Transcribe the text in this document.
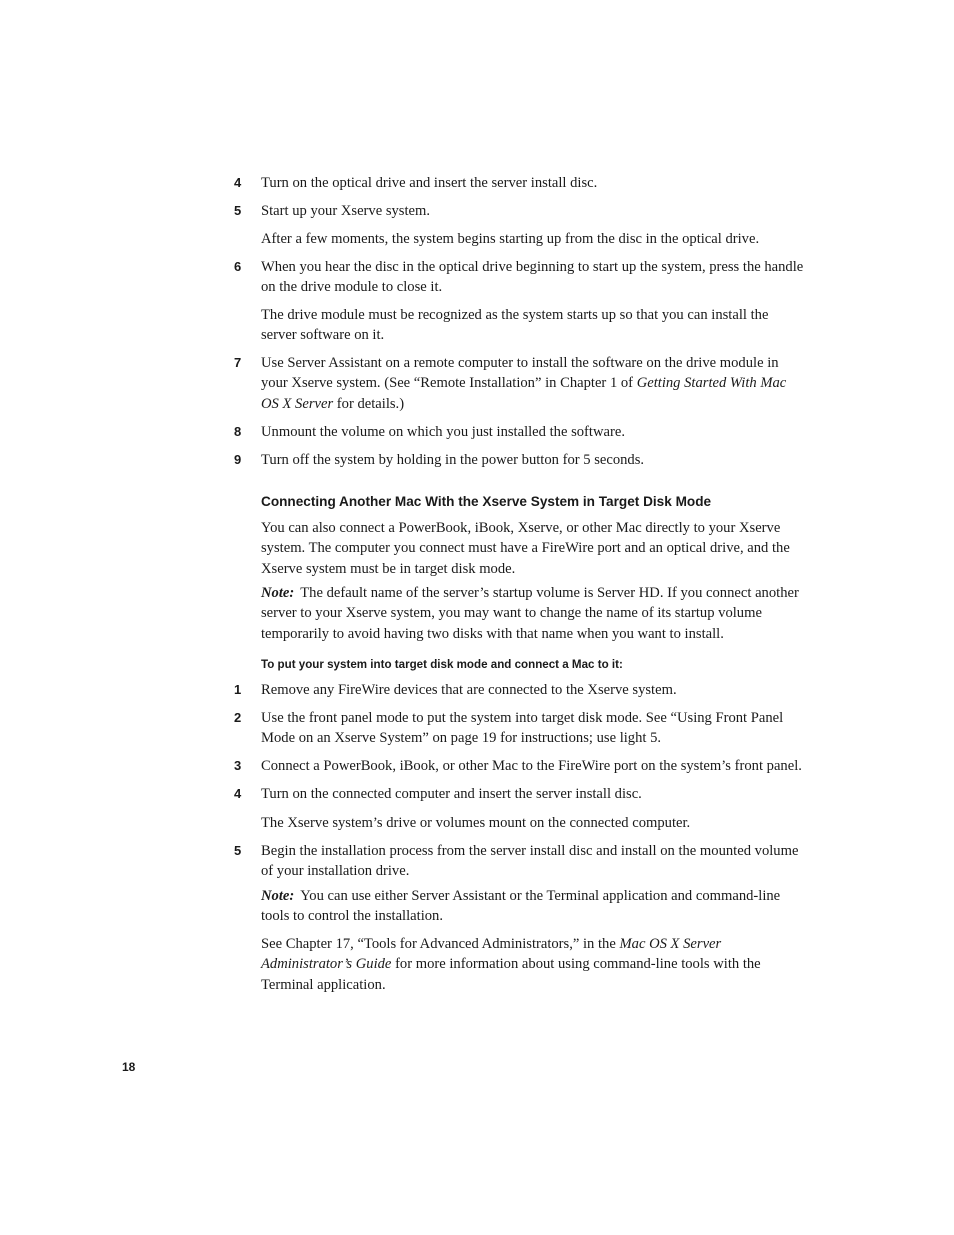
4 Turn on the optical drive and insert the server install disc.
5 Start up your Xserve system.
After a few moments, the system begins starting up from the disc in the optical drive.
6 When you hear the disc in the optical drive beginning to start up the system, press the handle on the drive module to close it.
The drive module must be recognized as the system starts up so that you can install the server software on it.
7 Use Server Assistant on a remote computer to install the software on the drive module in your Xserve system. (See “Remote Installation” in Chapter 1 of Getting Started With Mac OS X Server for details.)
8 Unmount the volume on which you just installed the software.
9 Turn off the system by holding in the power button for 5 seconds.
Connecting Another Mac With the Xserve System in Target Disk Mode
You can also connect a PowerBook, iBook, Xserve, or other Mac directly to your Xserve system. The computer you connect must have a FireWire port and an optical drive, and the Xserve system must be in target disk mode.
Note: The default name of the server’s startup volume is Server HD. If you connect another server to your Xserve system, you may want to change the name of its startup volume temporarily to avoid having two disks with that name when you want to install.
To put your system into target disk mode and connect a Mac to it:
1 Remove any FireWire devices that are connected to the Xserve system.
2 Use the front panel mode to put the system into target disk mode. See “Using Front Panel Mode on an Xserve System” on page 19 for instructions; use light 5.
3 Connect a PowerBook, iBook, or other Mac to the FireWire port on the system’s front panel.
4 Turn on the connected computer and insert the server install disc.
The Xserve system’s drive or volumes mount on the connected computer.
5 Begin the installation process from the server install disc and install on the mounted volume of your installation drive.
Note: You can use either Server Assistant or the Terminal application and command-line tools to control the installation.
See Chapter 17, “Tools for Advanced Administrators,” in the Mac OS X Server Administrator’s Guide for more information about using command-line tools with the Terminal application.
18
